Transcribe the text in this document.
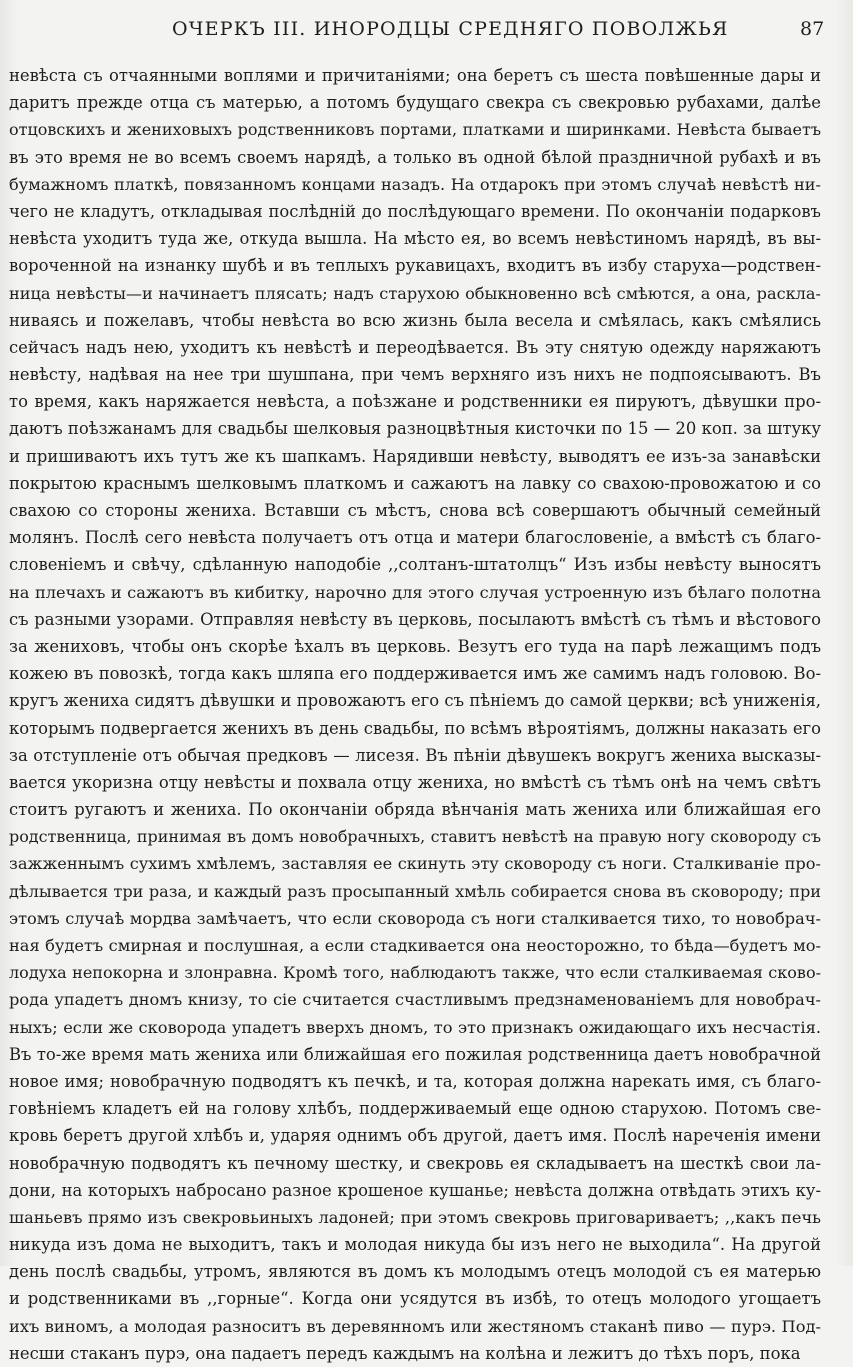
ОЧЕРКЪ III. ИНОРОДЦЫ СРЕДНЯГО ПОВОЛЖЬЯ	87
невѣста съ отчаянными воплями и причитаніями; она беретъ съ шеста повѣшенные дары и
даритъ прежде отца съ матерью, а потомъ будущаго свекра съ свекровью рубахами, далѣе
отцовскихъ и жениховыхъ родственниковъ портами, платками и ширинками. Невѣста бываетъ
въ это время не во всемъ своемъ нарядѣ, а только въ одной бѣлой праздничной рубахѣ и въ
бумажномъ платкѣ, повязанномъ концами назадъ. На отдарокъ при этомъ случаѣ невѣстѣ ни-
чего не кладутъ, откладывая послѣдній до послѣдующаго времени. По окончаніи подарковъ
невѣста уходитъ туда же, откуда вышла. На мѣсто ея, во всемъ невѣстиномъ нарядѣ, въ вы-
вороченной на изнанку шубѣ и въ теплыхъ рукавицахъ, входитъ въ избу старуха—родствен-
ница невѣсты—и начинаетъ плясать; надъ старухою обыкновенно всѣ смѣются, а она, раскла-
ниваясь и пожелавъ, чтобы невѣста во всю жизнь была весела и смѣялась, какъ смѣялись
сейчасъ надъ нею, уходитъ къ невѣстѣ и переодѣвается. Въ эту снятую одежду наряжаютъ
невѣсту, надѣвая на нее три шушпана, при чемъ верхняго изъ нихъ не подпоясываютъ. Въ
то время, какъ наряжается невѣста, а поѣзжане и родственники ея пируютъ, дѣвушки про-
даютъ поѣзжанамъ для свадьбы шелковыя разноцвѣтныя кисточки по 15 — 20 коп. за штуку
и пришиваютъ ихъ тутъ же къ шапкамъ. Нарядивши невѣсту, выводятъ ее изъ-за занавѣски
покрытою краснымъ шелковымъ платкомъ и сажаютъ на лавку со свахою-провожатою и со
свахою со стороны жениха. Вставши съ мѣстъ, снова всѣ совершаютъ обычный семейный
молянъ. Послѣ сего невѣста получаетъ отъ отца и матери благословеніе, а вмѣстѣ съ благо-
словеніемъ и свѣчу, сдѣланную наподобіе ,,солтанъ-штатолцъ“ Изъ избы невѣсту выносятъ
на плечахъ и сажаютъ въ кибитку, нарочно для этого случая устроенную изъ бѣлаго полотна
съ разными узорами. Отправляя невѣсту въ церковь, посылаютъ вмѣстѣ съ тѣмъ и вѣстового
за жениховъ, чтобы онъ скорѣе ѣхалъ въ церковь. Везутъ его туда на парѣ лежащимъ подъ
кожею въ повозкѣ, тогда какъ шляпа его поддерживается имъ же самимъ надъ головою. Во-
кругъ жениха сидятъ дѣвушки и провожаютъ его съ пѣніемъ до самой церкви; всѣ униженія,
которымъ подвергается женихъ въ день свадьбы, по всѣмъ вѣроятіямъ, должны наказать его
за отступленіе отъ обычая предковъ — лисезя. Въ пѣніи дѣвушекъ вокругъ жениха высказы-
вается укоризна отцу невѣсты и похвала отцу жениха, но вмѣстѣ съ тѣмъ онѣ на чемъ свѣтъ
стоитъ ругаютъ и жениха. По окончаніи обряда вѣнчанія мать жениха или ближайшая его
родственница, принимая въ домъ новобрачныхъ, ставитъ невѣстѣ на правую ногу сковороду съ
зажженнымъ сухимъ хмѣлемъ, заставляя ее скинуть эту сковороду съ ноги. Сталкиваніе про-
дѣлывается три раза, и каждый разъ просыпанный хмѣль собирается снова въ сковороду; при
этомъ случаѣ мордва замѣчаетъ, что если сковорода съ ноги сталкивается тихо, то новобрач-
ная будетъ смирная и послушная, а если стадкивается она неосторожно, то бѣда—будетъ мо-
лодуха непокорна и злонравна. Кромѣ того, наблюдаютъ также, что если сталкиваемая сково-
рода упадетъ дномъ книзу, то сіе считается счастливымъ предзнаменованіемъ для новобрач-
ныхъ; если же сковорода упадетъ вверхъ дномъ, то это признакъ ожидающаго ихъ несчастія.
Въ то-же время мать жениха или ближайшая его пожилая родственница даетъ новобрачной
новое имя; новобрачную подводятъ къ печкѣ, и та, которая должна нарекать имя, съ благо-
говѣніемъ кладетъ ей на голову хлѣбъ, поддерживаемый еще одною старухою. Потомъ све-
кровь беретъ другой хлѣбъ и, ударяя однимъ объ другой, даетъ имя. Послѣ нареченія имени
новобрачную подводятъ къ печному шестку, и свекровь ея складываетъ на шесткѣ свои ла-
дони, на которыхъ набросано разное крошеное кушанье; невѣста должна отвѣдать этихъ ку-
шаньевъ прямо изъ свекровьиныхъ ладоней; при этомъ свекровь приговариваетъ; ,,какъ печь
никуда изъ дома не выходитъ, такъ и молодая никуда бы изъ него не выходила“. На другой
день послѣ свадьбы, утромъ, являются въ домъ къ молодымъ отецъ молодой съ ея матерью
и родственниками въ ,,горные“. Когда они усядутся въ избѣ, то отецъ молодого угощаетъ
ихъ виномъ, а молодая разноситъ въ деревянномъ или жестяномъ стаканѣ пиво — пурэ. Под-
несши стаканъ пурэ, она падаетъ передъ каждымъ на колѣна и лежитъ до тѣхъ поръ, пока
